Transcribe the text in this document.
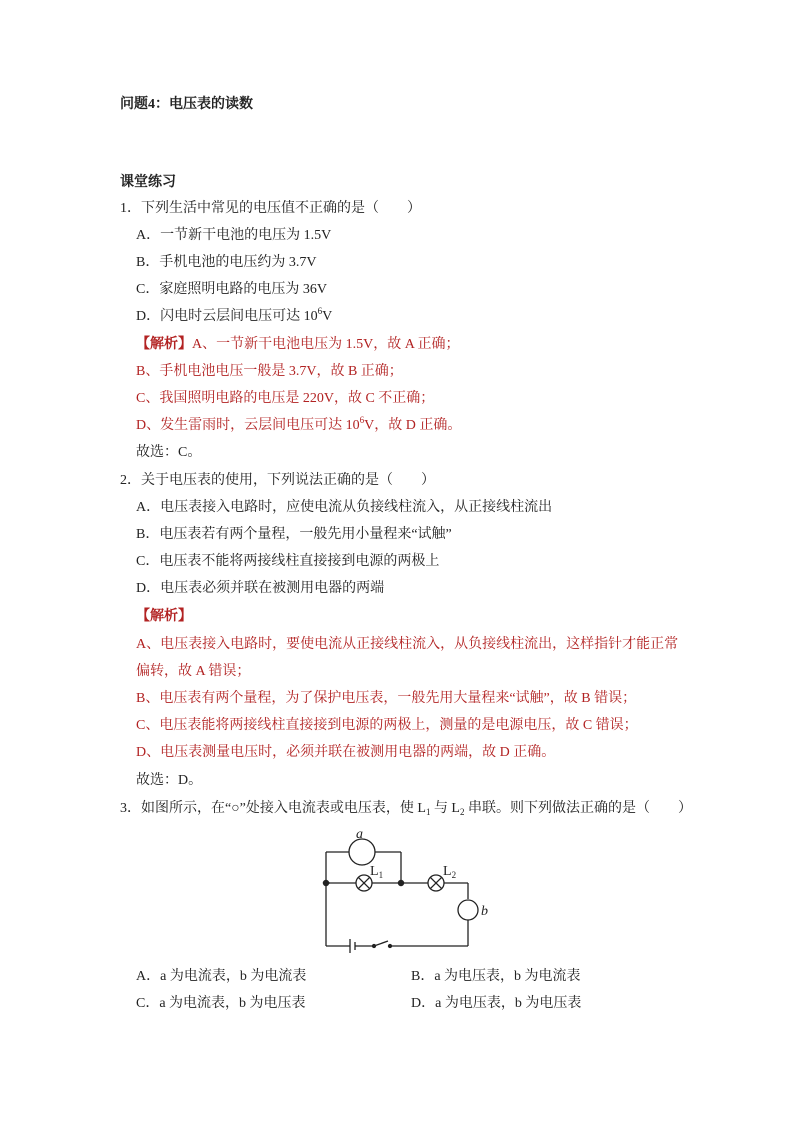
问题4：电压表的读数
课堂练习
1．下列生活中常见的电压值不正确的是（　　）
A．一节新干电池的电压为 1.5V
B．手机电池的电压约为 3.7V
C．家庭照明电路的电压为 36V
D．闪电时云层间电压可达 $10^6V$
【解析】A、一节新干电池电压为 1.5V，故 A 正确；
B、手机电池电压一般是 3.7V，故 B 正确；
C、我国照明电路的电压是 220V，故 C 不正确；
D、发生雷雨时，云层间电压可达 $10^6V$，故 D 正确。
故选：C。
2．关于电压表的使用，下列说法正确的是（　　）
A．电压表接入电路时，应使电流从负接线柱流入，从正接线柱流出
B．电压表若有两个量程，一般先用小量程来“试触”
C．电压表不能将两接线柱直接接到电源的两极上
D．电压表必须并联在被测用电器的两端
【解析】
A、电压表接入电路时，要使电流从正接线柱流入，从负接线柱流出，这样指针才能正常
偏转，故 A 错误；
B、电压表有两个量程，为了保护电压表，一般先用大量程来“试触”，故 B 错误；
C、电压表能将两接线柱直接接到电源的两极上，测量的是电源电压，故 C 错误；
D、电压表测量电压时，必须并联在被测用电器的两端，故 D 正确。
故选：D。
3．如图所示，在“○”处接入电流表或电压表，使 $L_1$ 与 $L_2$ 串联。则下列做法正确的是（　　）
a
$L_1$	$L_2$
b
A．a 为电流表，b 为电流表	B．a 为电压表，b 为电流表
C．a 为电流表，b 为电压表	D．a 为电压表，b 为电压表
